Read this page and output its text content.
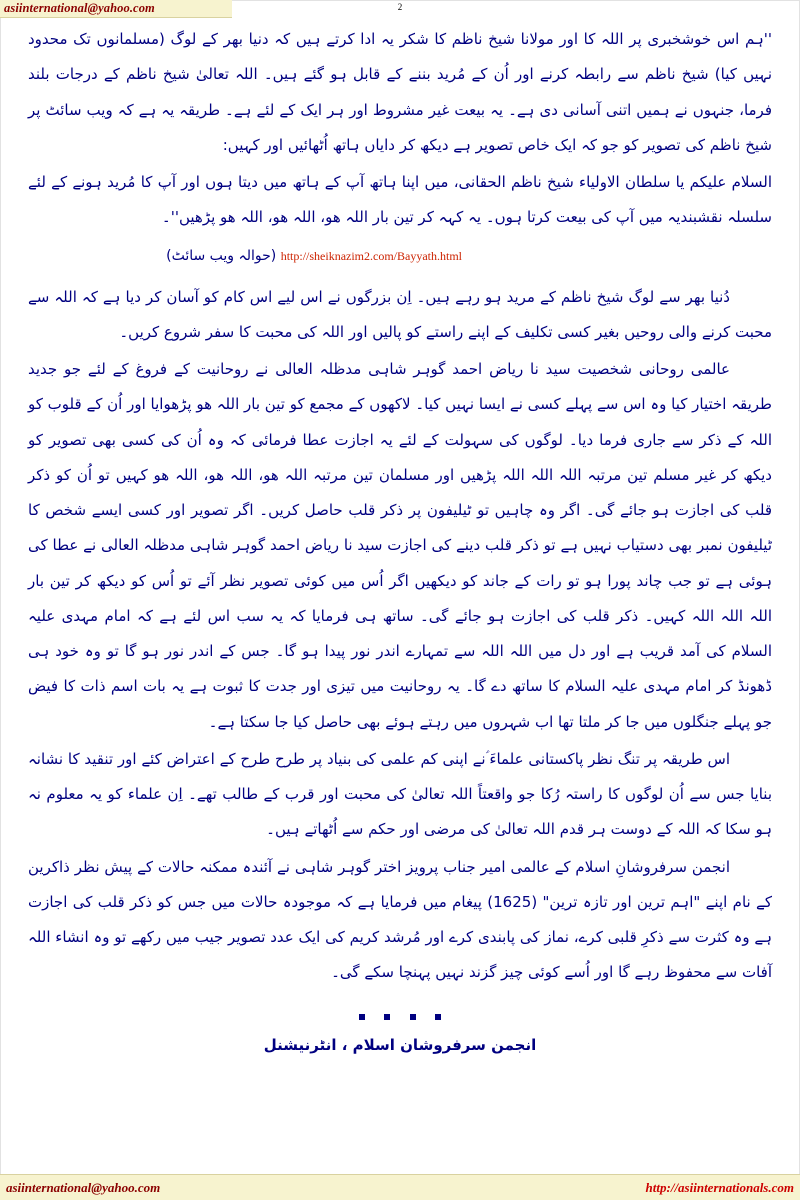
asiinternational@yahoo.com	2

''ہم اس خوشخبری پر اللہ کا اور مولانا شیخ ناظم کا شکر یہ ادا کرتے ہیں کہ دنیا بھر کے لوگ (مسلمانوں تک محدود نہیں کیا) شیخ ناظم سے رابطہ کرنے اور اُن کے مُرید بننے کے قابل ہو گئے ہیں۔ اللہ تعالیٰ شیخ ناظم کے درجات بلند فرما، جنہوں نے ہمیں اتنی آسانی دی ہے۔ یہ بیعت غیر مشروط اور ہر ایک کے لئے ہے۔ طریقہ یہ ہے کہ ویب سائٹ پر شیخ ناظم کی تصویر کو جو کہ ایک خاص تصویر ہے دیکھ کر دایاں ہاتھ اُٹھائیں اور کہیں:

السلام علیکم یا سلطان الاولیاء شیخ ناظم الحقانی، میں اپنا ہاتھ آپ کے ہاتھ میں دیتا ہوں اور آپ کا مُرید ہونے کے لئے سلسلہ نقشبندیہ میں آپ کی بیعت کرتا ہوں۔ یہ کہہ کر تین بار اللہ ھو، اللہ ھو، اللہ ھو پڑھیں''۔

http://sheiknazim2.com/Bayyath.html (حوالہ ویب سائٹ)

دُنیا بھر سے لوگ شیخ ناظم کے مرید ہو رہے ہیں۔ اِن بزرگوں نے اس لیے اس کام کو آسان کر دیا ہے کہ اللہ سے محبت کرنے والی روحیں بغیر کسی تکلیف کے اپنے راستے کو پالیں اور اللہ کی محبت کا سفر شروع کریں۔

عالمی روحانی شخصیت سید نا ریاض احمد گوہر شاہی مدظلہ العالی نے روحانیت کے فروغ کے لئے جو جدید طریقہ اختیار کیا وہ اس سے پہلے کسی نے ایسا نہیں کیا۔ لاکھوں کے مجمع کو تین بار اللہ ھو پڑھوایا اور اُن کے قلوب کو اللہ کے ذکر سے جاری فرما دیا۔ لوگوں کی سہولت کے لئے یہ اجازت عطا فرمائی کہ وہ اُن کی کسی بھی تصویر کو دیکھ کر غیر مسلم تین مرتبہ اللہ اللہ اللہ پڑھیں اور مسلمان تین مرتبہ اللہ ھو، اللہ ھو، اللہ ھو کہیں تو اُن کو ذکر قلب کی اجازت ہو جائے گی۔ اگر وہ چاہیں تو ٹیلیفون پر ذکر قلب حاصل کریں۔ اگر تصویر اور کسی ایسے شخص کا ٹیلیفون نمبر بھی دستیاب نہیں ہے تو ذکر قلب دینے کی اجازت سید نا ریاض احمد گوہر شاہی مدظلہ العالی نے عطا کی ہوئی ہے تو جب چاند پورا ہو تو رات کے جاند کو دیکھیں اگر اُس میں کوئی تصویر نظر آئے تو اُس کو دیکھ کر تین بار اللہ اللہ اللہ کہیں۔ ذکر قلب کی اجازت ہو جائے گی۔ ساتھ ہی فرمایا کہ یہ سب اس لئے ہے کہ امام مہدی علیہ السلام کی آمد قریب ہے اور دل میں اللہ اللہ سے تمہارے اندر نور پیدا ہو گا۔ جس کے اندر نور ہو گا تو وہ خود ہی ڈھونڈ کر امام مہدی علیہ السلام کا ساتھ دے گا۔ یہ روحانیت میں تیزی اور جدت کا ثبوت ہے یہ بات اسم ذات کا فیض جو پہلے جنگلوں میں جا کر ملتا تھا اب شہروں میں رہتے ہوئے بھی حاصل کیا جا سکتا ہے۔

اس طریقہ پر تنگ نظر پاکستانی علماءَ ؑنے اپنی کم علمی کی بنیاد پر طرح طرح کے اعتراض کئے اور تنقید کا نشانہ بنایا جس سے اُن لوگوں کا راستہ رُکا جو واقعتاً اللہ تعالیٰ کی محبت اور قرب کے طالب تھے۔ اِن علماء کو یہ معلوم نہ ہو سکا کہ اللہ کے دوست ہر قدم اللہ تعالیٰ کی مرضی اور حکم سے اُٹھاتے ہیں۔

انجمن سرفروشانِ اسلام کے عالمی امیر جناب پرویز اختر گوہر شاہی نے آئندہ ممکنہ حالات کے پیش نظر ذاکرین کے نام اپنے "اہم ترین اور تازہ ترین" (1625) پیغام میں فرمایا ہے کہ موجودہ حالات میں جس کو ذکر قلب کی اجازت ہے وہ کثرت سے ذکرِ قلبی کرے، نماز کی پابندی کرے اور مُرشد کریم کی ایک عدد تصویر جیب میں رکھے تو وہ انشاء اللہ آفات سے محفوظ رہے گا اور اُسے کوئی چیز گزند نہیں پہنچا سکے گی۔

انجمن سرفروشان اسلام ، انٹرنیشنل
asiinternational@yahoo.com	http://asiinternationals.com
